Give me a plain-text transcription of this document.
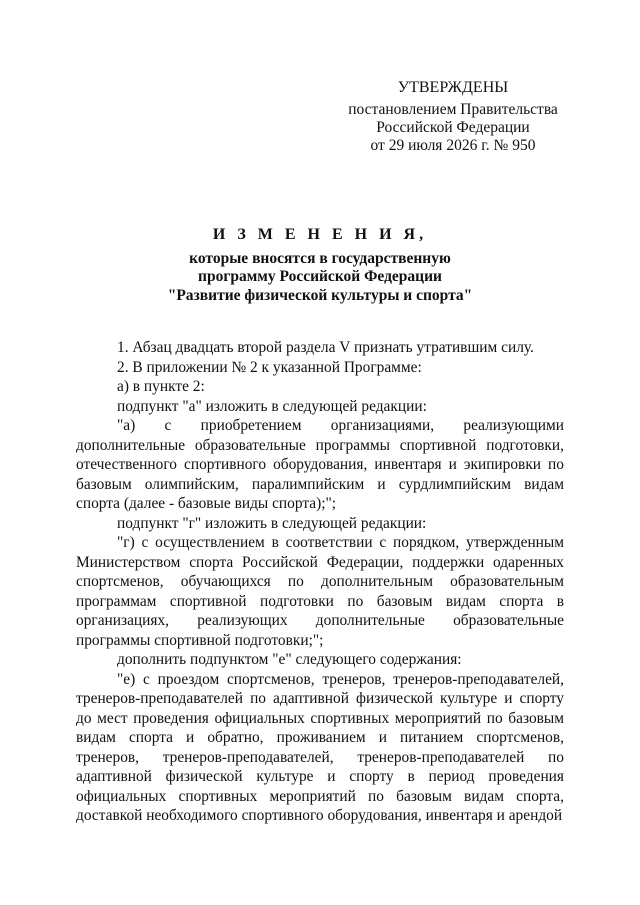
УТВЕРЖДЕНЫ
постановлением Правительства
Российской Федерации
от 29 июля 2026 г. № 950
И З М Е Н Е Н И Я,
которые вносятся в государственную
программу Российской Федерации
"Развитие физической культуры и спорта"

1. Абзац двадцать второй раздела V признать утратившим силу.

2. В приложении № 2 к указанной Программе:

а) в пункте 2:

подпункт "а" изложить в следующей редакции:

"а) с приобретением организациями, реализующими дополнительные образовательные программы спортивной подготовки, отечественного спортивного оборудования, инвентаря и экипировки по базовым олимпийским, паралимпийским и сурдлимпийским видам спорта (далее - базовые виды спорта);";

подпункт "г" изложить в следующей редакции:

"г) с осуществлением в соответствии с порядком, утвержденным Министерством спорта Российской Федерации, поддержки одаренных спортсменов, обучающихся по дополнительным образовательным программам спортивной подготовки по базовым видам спорта в организациях, реализующих дополнительные образовательные программы спортивной подготовки;";

дополнить подпунктом "е" следующего содержания:

"е) с проездом спортсменов, тренеров, тренеров-преподавателей, тренеров-преподавателей по адаптивной физической культуре и спорту до мест проведения официальных спортивных мероприятий по базовым видам спорта и обратно, проживанием и питанием спортсменов, тренеров, тренеров-преподавателей, тренеров-преподавателей по адаптивной физической культуре и спорту в период проведения официальных спортивных мероприятий по базовым видам спорта, доставкой необходимого спортивного оборудования, инвентаря и арендой
